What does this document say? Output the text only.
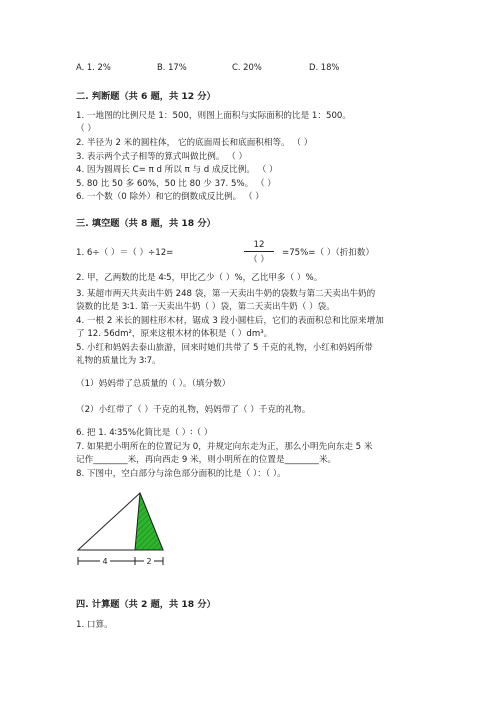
A. 1. 2%	B. 17%	C. 20%	D. 18%
二. 判断题（共 6 题，共 12 分）
1. 一地图的比例尺是 1：500，则图上面积与实际面积的比是 1：500。
（ ）
2. 半径为 2 米的圆柱体， 它的底面周长和底面积相等。 （ ）
3. 表示两个式子相等的算式叫做比例。 （ ）
4. 因为圆周长 C= π d 所以 π 与 d 成反比例。 （ ）
5. 80 比 50 多 60%，50 比 80 少 37. 5%。 （ ）
6. 一个数（0 除外）和它的倒数成反比例。 （ ）
三. 填空题（共 8 题，共 18 分）
1. 6÷（ ）＝（ ）÷12=
12
（ ）
=75%=（ ）（折扣数）
2. 甲，乙两数的比是 4∶5，甲比乙少（ ）%，乙比甲多（ ）%。
3. 某超市两天共卖出牛奶 248 袋，第一天卖出牛奶的袋数与第二天卖出牛奶的
袋数的比是 3∶1. 第一天卖出牛奶（ ）袋，第二天卖出牛奶（ ）袋。
4. 一根 2 米长的圆柱形木材，锯成 3 段小圆柱后，它们的表面积总和比原来增加
了 12. 56dm²，原来这根木材的体积是（ ）dm³。
5. 小红和妈妈去泰山旅游，回来时她们共带了 5 千克的礼物，小红和妈妈所带
礼物的质量比为 3∶7。
（1）妈妈带了总质量的（ ）。（填分数）
（2）小红带了（ ）千克的礼物，妈妈带了（ ）千克的礼物。
6. 把 1. 4∶35%化简比是（ ）∶（ ）
7. 如果把小明所在的位置记为 0，并规定向东走为正，那么小明先向东走 5 米
记作________米，再向西走 9 米，则小明所在的位置是________米。
8. 下图中，空白部分与涂色部分面积的比是（ ）：（ ）。
4	2
四. 计算题（共 2 题，共 18 分）
1. 口算。
